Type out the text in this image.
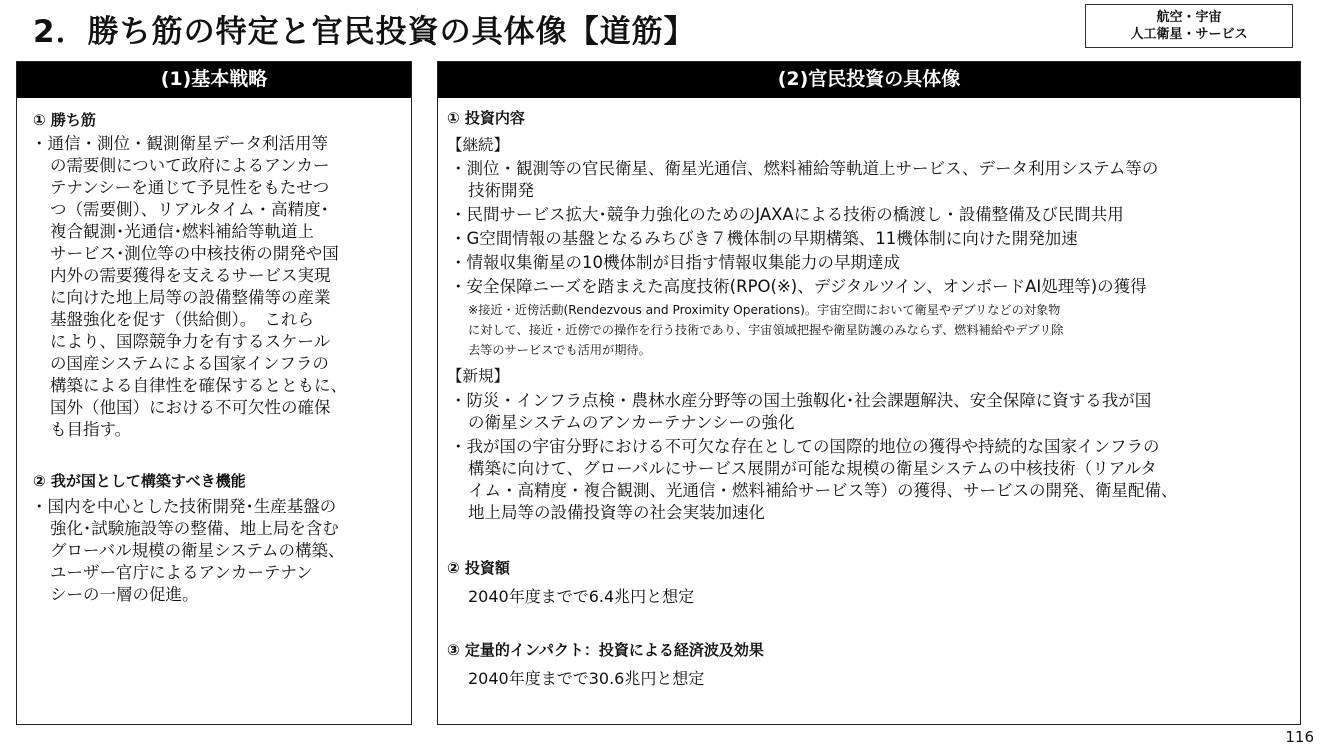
2．勝ち筋の特定と官民投資の具体像【道筋】	航空・宇宙
人工衛星・サービス
(1)基本戦略
① 勝ち筋
・通信・測位・観測衛星データ利活用等
の需要側について政府によるアンカー
テナンシーを通じて予見性をもたせつ
つ（需要側）、リアルタイム・高精度･
複合観測･光通信･燃料補給等軌道上
サービス･測位等の中核技術の開発や国
内外の需要獲得を支えるサービス実現
に向けた地上局等の設備整備等の産業
基盤強化を促す（供給側）。　これら
により、国際競争力を有するスケール
の国産システムによる国家インフラの
構築による自律性を確保するとともに、
国外（他国）における不可欠性の確保
も目指す。
② 我が国として構築すべき機能
・国内を中心とした技術開発･生産基盤の
強化･試験施設等の整備、地上局を含む
グローバル規模の衛星システムの構築、
ユーザー官庁によるアンカーテナン
シーの一層の促進。
(2)官民投資の具体像
① 投資内容
【継続】
・測位・観測等の官民衛星、衛星光通信、燃料補給等軌道上サービス、データ利用システム等の
技術開発
・民間サービス拡大･競争力強化のためのJAXAによる技術の橋渡し・設備整備及び民間共用
・G空間情報の基盤となるみちびき７機体制の早期構築、11機体制に向けた開発加速
・情報収集衛星の10機体制が目指す情報収集能力の早期達成
・安全保障ニーズを踏まえた高度技術(RPO(※)、デジタルツイン、オンボードAI処理等)の獲得
※接近・近傍活動(Rendezvous and Proximity Operations)。宇宙空間において衛星やデブリなどの対象物
に対して、接近・近傍での操作を行う技術であり、宇宙領域把握や衛星防護のみならず、燃料補給やデブリ除
去等のサービスでも活用が期待。
【新規】
・防災・インフラ点検・農林水産分野等の国土強靱化･社会課題解決、安全保障に資する我が国
の衛星システムのアンカーテナンシーの強化
・我が国の宇宙分野における不可欠な存在としての国際的地位の獲得や持続的な国家インフラの
構築に向けて、グローバルにサービス展開が可能な規模の衛星システムの中核技術（リアルタ
イム・高精度・複合観測、光通信・燃料補給サービス等）の獲得、サービスの開発、衛星配備、
地上局等の設備投資等の社会実装加速化
② 投資額
2040年度までで6.4兆円と想定
③ 定量的インパクト：投資による経済波及効果
2040年度までで30.6兆円と想定
116
